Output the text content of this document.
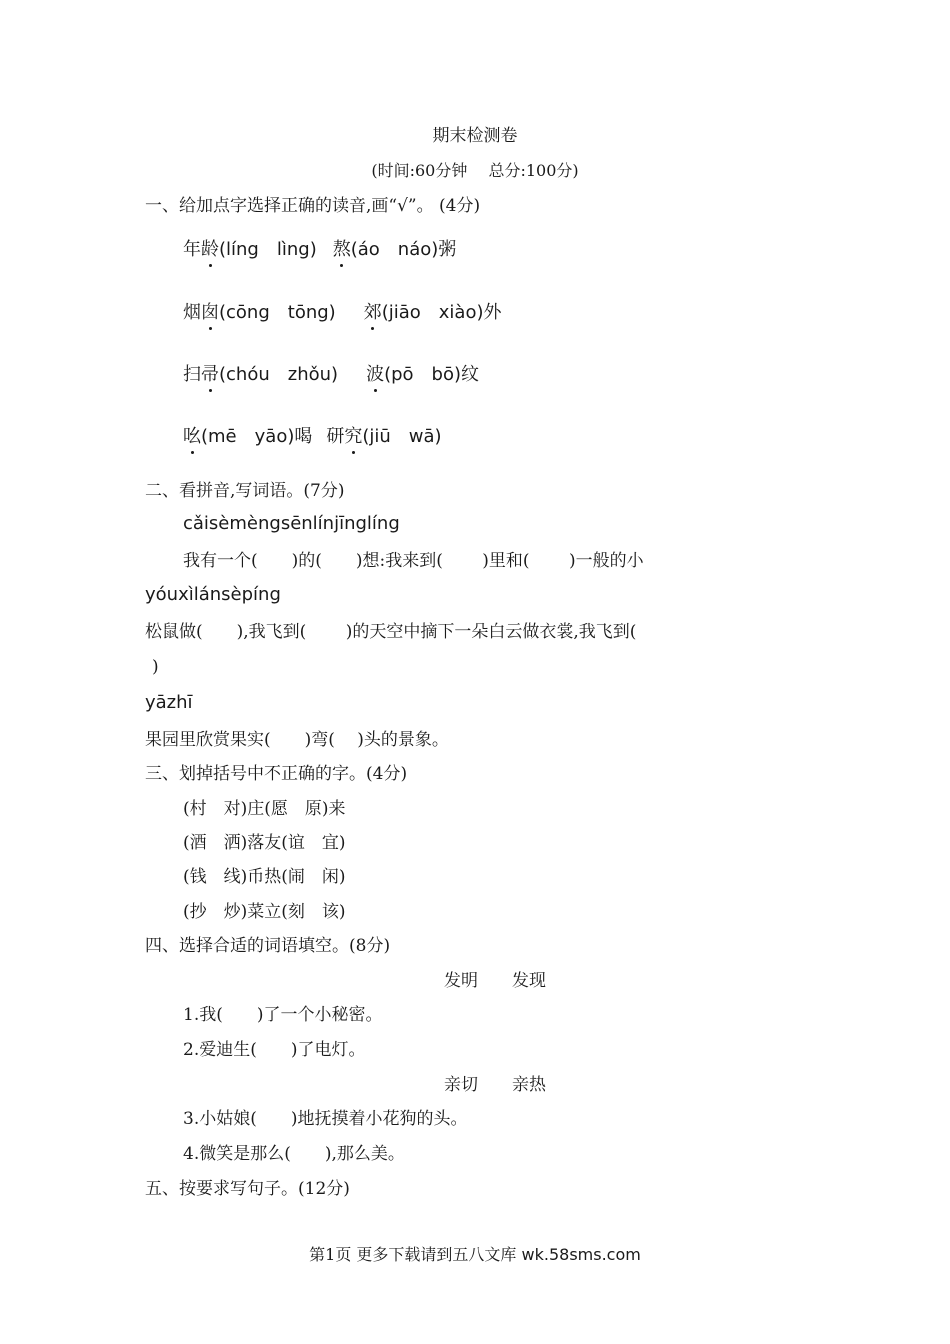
期末检测卷
(时间:60分钟　 总分:100分)
一、给加点字选择正确的读音,画“√”。 (4分)
年龄(líng　lìng) 熬(áo　náo)粥
烟囱(cōng　tōng) 郊(jiāo　xiào)外
扫帚(chóu　zhǒu) 波(pō　bō)纹
吆(mē　yāo)喝 研究(jiū　wā)
二、看拼音,写词语。(7分)
cǎisèmèngsēnlínjīnglíng
我有一个(　　)的(　　)想:我来到(　　 )里和(　　 )一般的小
yóuxìlánsèpíng
松鼠做(　　),我飞到(　　 )的天空中摘下一朵白云做衣裳,我飞到(
)
yāzhī
果园里欣赏果实(　　)弯(　 )头的景象。
三、划掉括号中不正确的字。(4分)
(村　对)庄(愿　原)来
(酒　洒)落友(谊　宜)
(钱　线)币热(闹　闲)
(抄　炒)菜立(刻　该)
四、选择合适的词语填空。(8分)
发明　　发现
1.我(　　)了一个小秘密。
2.爱迪生(　　)了电灯。
亲切　　亲热
3.小姑娘(　　)地抚摸着小花狗的头。
4.微笑是那么(　　),那么美。
五、按要求写句子。(12分)
第1页 更多下载请到五八文库 wk.58sms.com
